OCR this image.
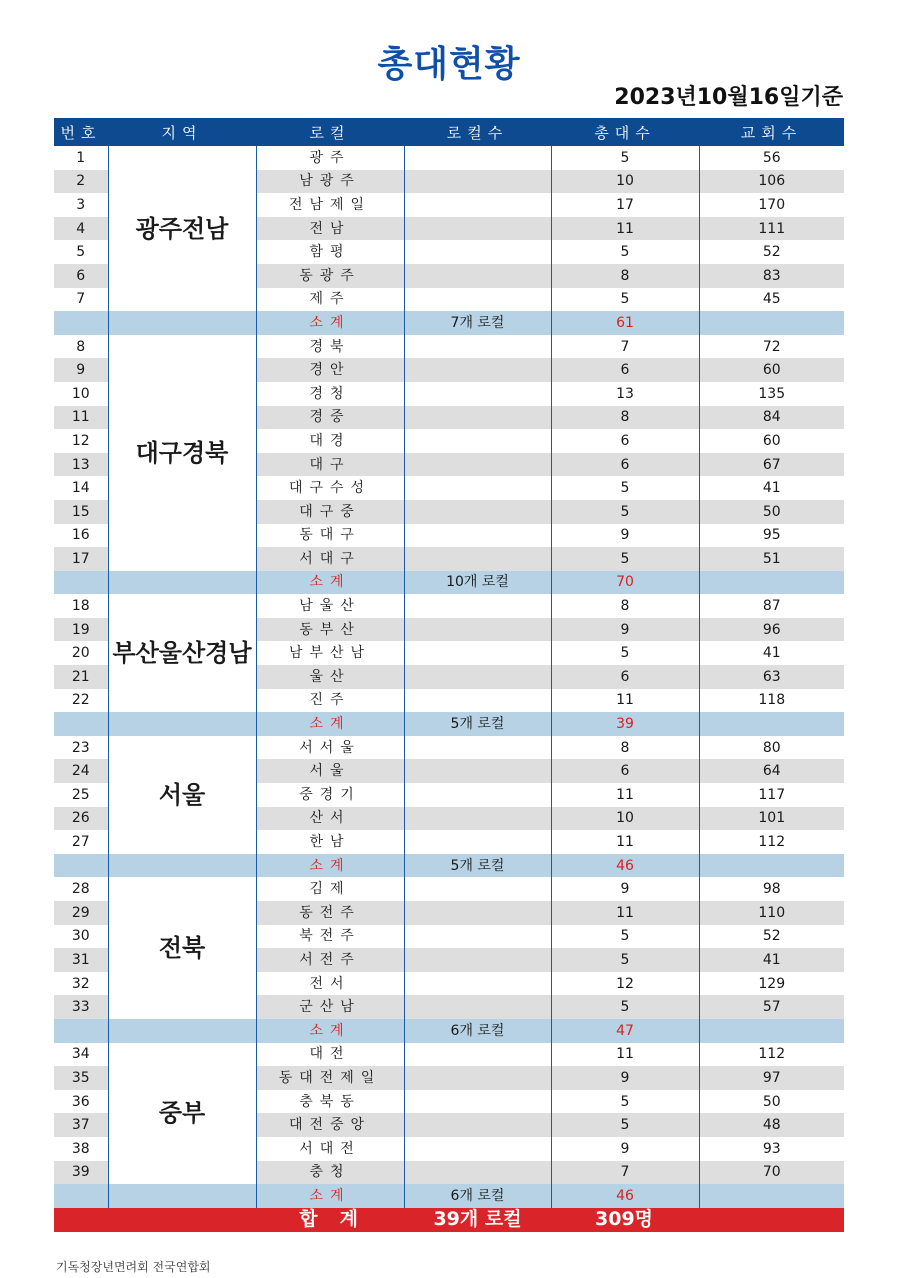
총대현황
2023년10월16일기준
번호	지역	로컬	로컬수	총대수	교회수
1	광주전남	광주		5	56
2		남광주		10	106
3		전남제일		17	170
4		전남		11	111
5		함평		5	52
6		동광주		8	83
7		제주		5	45
		소계	7개 로컬	61	
8	대구경북	경북		7	72
9		경안		6	60
10		경청		13	135
11		경중		8	84
12		대경		6	60
13		대구		6	67
14		대구수성		5	41
15		대구중		5	50
16		동대구		9	95
17		서대구		5	51
		소계	10개 로컬	70	
18	부산울산경남	남울산		8	87
19		동부산		9	96
20		남부산남		5	41
21		울산		6	63
22		진주		11	118
		소계	5개 로컬	39	
23	서울	서서울		8	80
24		서울		6	64
25		중경기		11	117
26		산서		10	101
27		한남		11	112
		소계	5개 로컬	46	
28	전북	김제		9	98
29		동전주		11	110
30		북전주		5	52
31		서전주		5	41
32		전서		12	129
33		군산남		5	57
		소계	6개 로컬	47	
34	중부	대전		11	112
35		동대전제일		9	97
36		충북동		5	50
37		대전중앙		5	48
38		서대전		9	93
39		충청		7	70
		소계	6개 로컬	46	
합계			39개 로컬	309명	
기독청장년면려회 전국연합회
